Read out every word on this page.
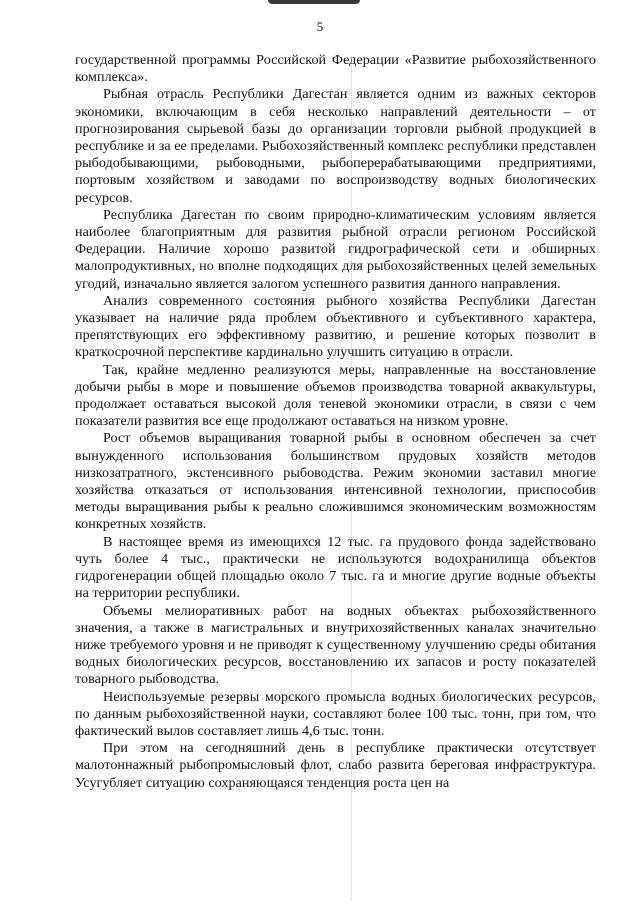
5

государственной программы Российской Федерации «Развитие рыбохозяйственного комплекса».

Рыбная отрасль Республики Дагестан является одним из важных секторов экономики, включающим в себя несколько направлений деятельности – от прогнозирования сырьевой базы до организации торговли рыбной продукцией в республике и за ее пределами. Рыбохозяйственный комплекс республики представлен рыбодобывающими, рыбоводными, рыбоперерабатывающими предприятиями, портовым хозяйством и заводами по воспроизводству водных биологических ресурсов.

Республика Дагестан по своим природно-климатическим условиям является наиболее благоприятным для развития рыбной отрасли регионом Российской Федерации. Наличие хорошо развитой гидрографической сети и обширных малопродуктивных, но вполне подходящих для рыбохозяйственных целей земельных угодий, изначально является залогом успешного развития данного направления.

Анализ современного состояния рыбного хозяйства Республики Дагестан указывает на наличие ряда проблем объективного и субъективного характера, препятствующих его эффективному развитию, и решение которых позволит в краткосрочной перспективе кардинально улучшить ситуацию в отрасли.

Так, крайне медленно реализуются меры, направленные на восстановление добычи рыбы в море и повышение объемов производства товарной аквакультуры, продолжает оставаться высокой доля теневой экономики отрасли, в связи с чем показатели развития все еще продолжают оставаться на низком уровне.

Рост объемов выращивания товарной рыбы в основном обеспечен за счет вынужденного использования большинством прудовых хозяйств методов низкозатратного, экстенсивного рыбоводства. Режим экономии заставил многие хозяйства отказаться от использования интенсивной технологии, приспособив методы выращивания рыбы к реально сложившимся экономическим возможностям конкретных хозяйств.

В настоящее время из имеющихся 12 тыс. га прудового фонда задействовано чуть более 4 тыс., практически не используются водохранилища объектов гидрогенерации общей площадью около 7 тыс. га и многие другие водные объекты на территории республики.

Объемы мелиоративных работ на водных объектах рыбохозяйственного значения, а также в магистральных и внутрихозяйственных каналах значительно ниже требуемого уровня и не приводят к существенному улучшению среды обитания водных биологических ресурсов, восстановлению их запасов и росту показателей товарного рыбоводства.

Неиспользуемые резервы морского промысла водных биологических ресурсов, по данным рыбохозяйственной науки, составляют более 100 тыс. тонн, при том, что фактический вылов составляет лишь 4,6 тыс. тонн.

При этом на сегодняшний день в республике практически отсутствует малотоннажный рыбопромысловый флот, слабо развита береговая инфраструктура. Усугубляет ситуацию сохраняющаяся тенденция роста цен на
